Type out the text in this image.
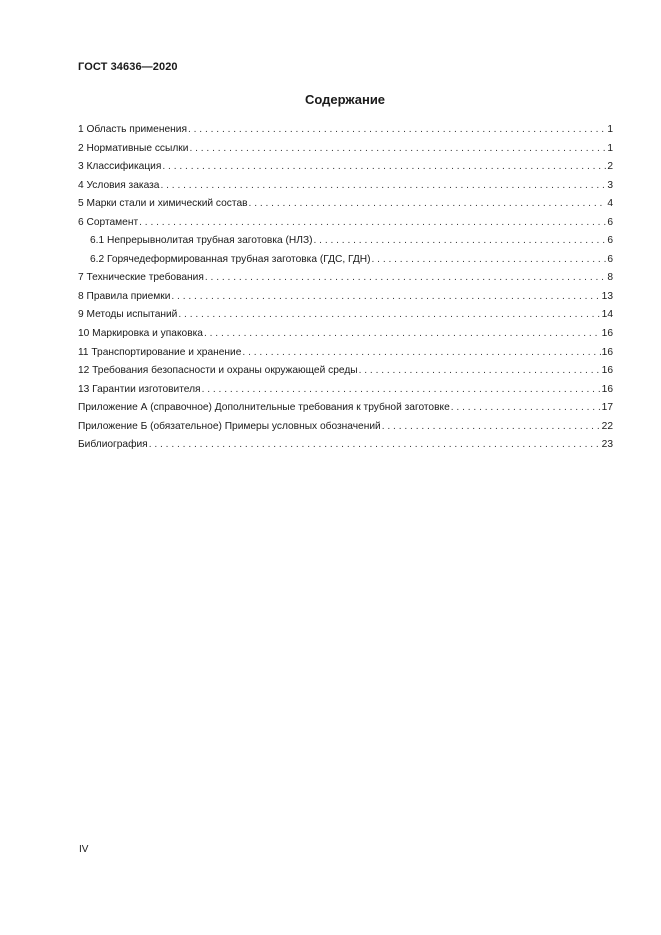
ГОСТ 34636—2020
Содержание
1 Область применения . . .	1
2 Нормативные ссылки . . .	1
3 Классификация . . .	2
4 Условия заказа . . .	3
5 Марки стали и химический состав . . .	4
6 Сортамент . . .	6
6.1 Непрерывнолитая трубная заготовка (НЛЗ) . . .	6
6.2 Горячедеформированная трубная заготовка (ГДС, ГДН) . . .	6
7 Технические требования . . .	8
8 Правила приемки . . .	13
9 Методы испытаний . . .	14
10 Маркировка и упаковка . . .	16
11 Транспортирование и хранение . . .	16
12 Требования безопасности и охраны окружающей среды . . .	16
13 Гарантии изготовителя . . .	16
Приложение А (справочное) Дополнительные требования к трубной заготовке . . .	17
Приложение Б (обязательное) Примеры условных обозначений . . .	22
Библиография . . .	23
IV
